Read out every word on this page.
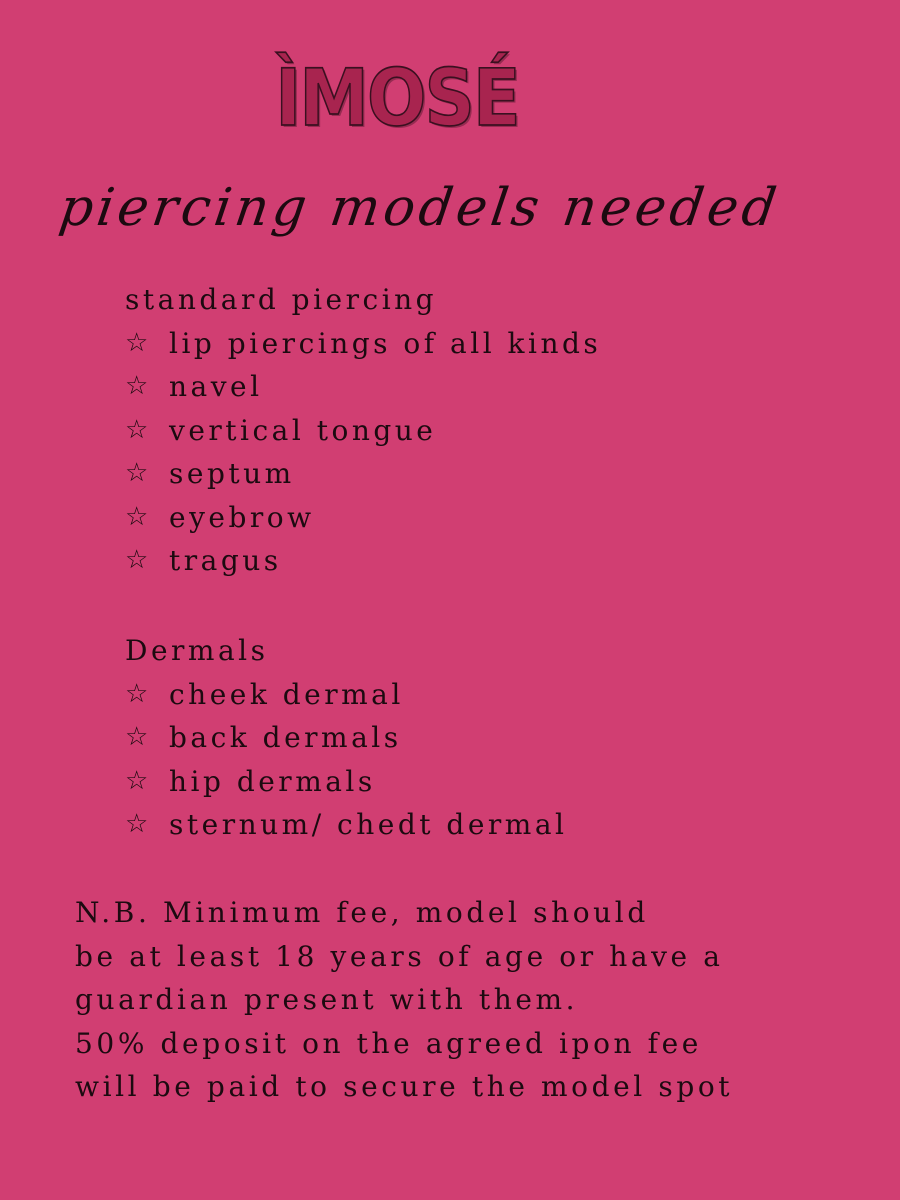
ÌMOSÉ
piercing models needed
standard piercing
☆ lip piercings of all kinds
☆ navel
☆ vertical tongue
☆ septum
☆ eyebrow
☆ tragus
Dermals
☆ cheek dermal
☆ back dermals
☆ hip dermals
☆ sternum/ chedt dermal
N.B. Minimum fee, model should
be at least 18 years of age or have a
guardian present with them.
50% deposit on the agreed ipon fee
will be paid to secure the model spot
